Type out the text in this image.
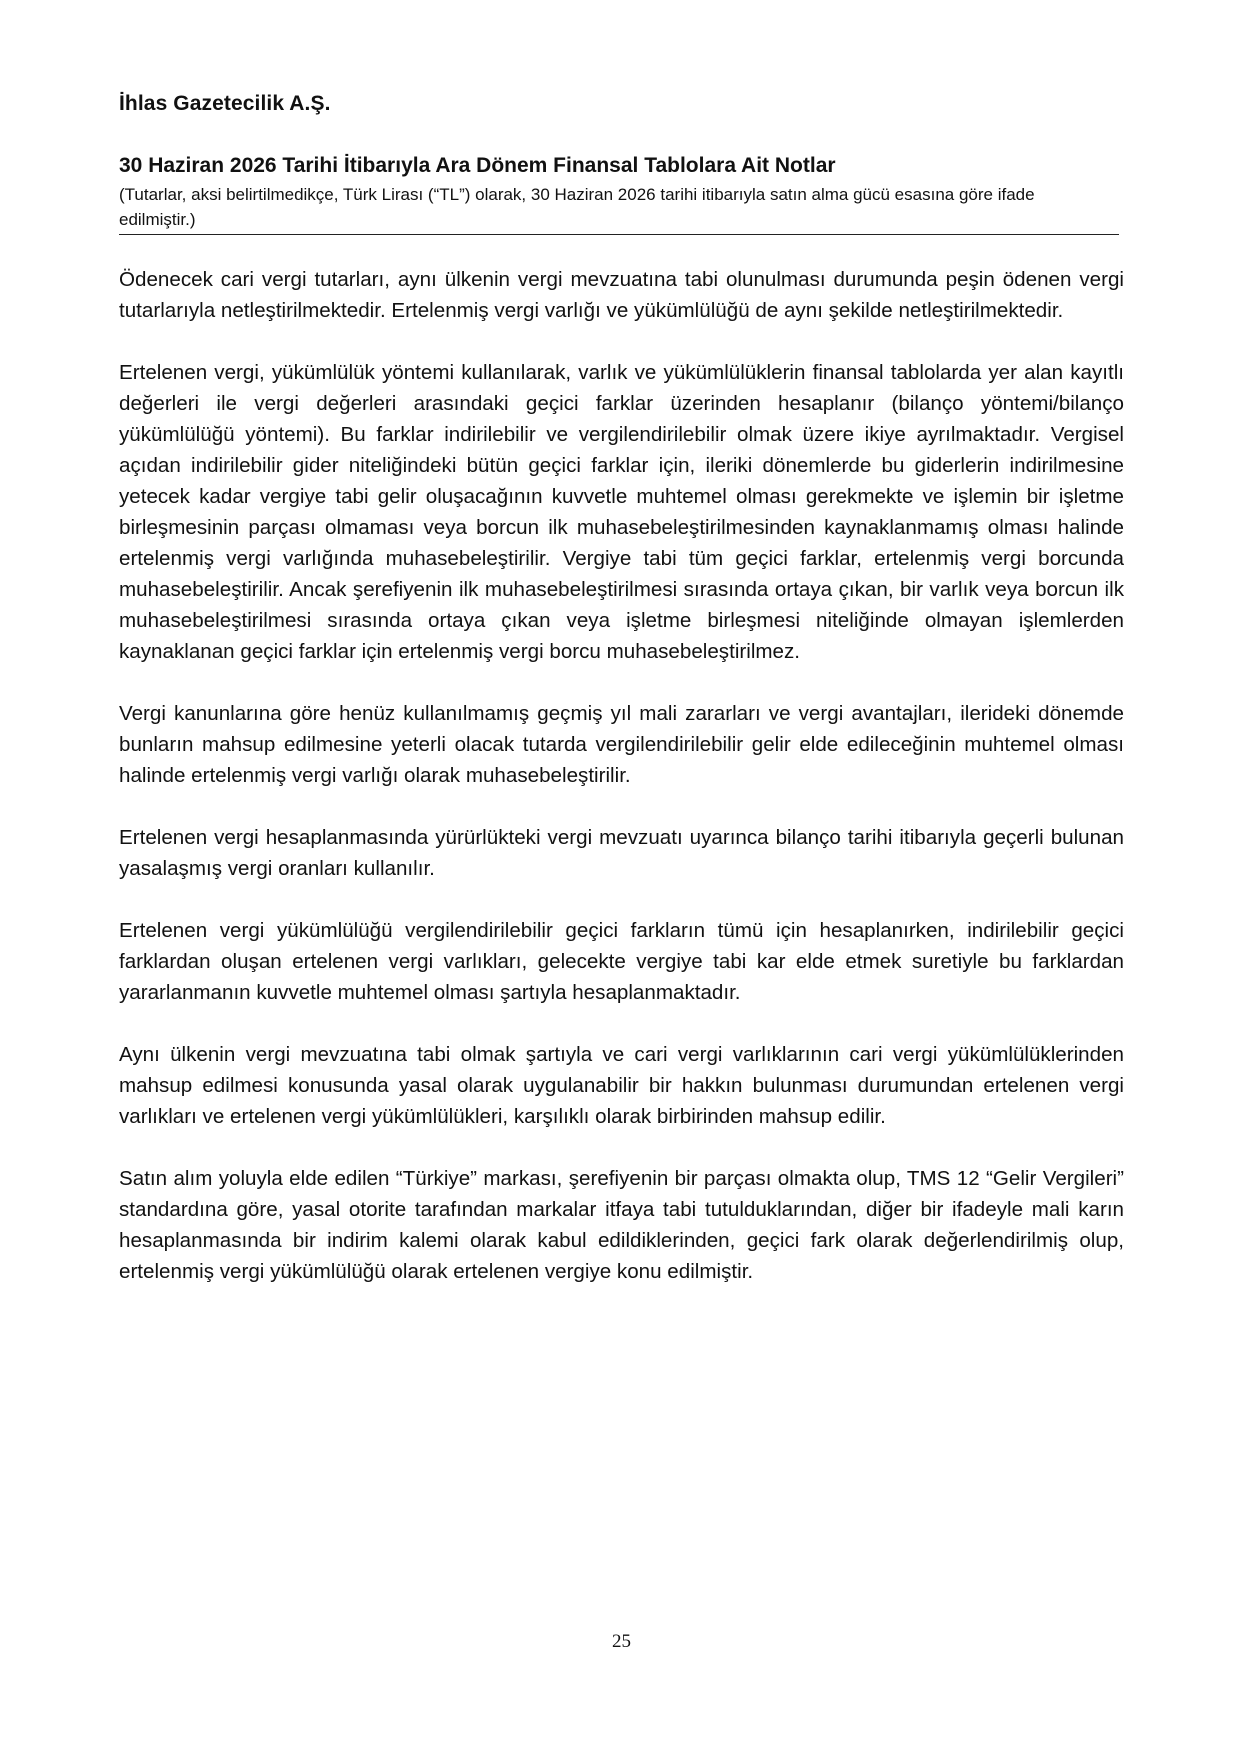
İhlas Gazetecilik A.Ş.
30 Haziran 2026 Tarihi İtibarıyla Ara Dönem Finansal Tablolara Ait Notlar
(Tutarlar, aksi belirtilmedikçe, Türk Lirası (“TL”) olarak, 30 Haziran 2026 tarihi itibarıyla satın alma gücü esasına göre ifade edilmiştir.)

Ödenecek cari vergi tutarları, aynı ülkenin vergi mevzuatına tabi olunulması durumunda peşin ödenen vergi tutarlarıyla netleştirilmektedir. Ertelenmiş vergi varlığı ve yükümlülüğü de aynı şekilde netleştirilmektedir.

Ertelenen vergi, yükümlülük yöntemi kullanılarak, varlık ve yükümlülüklerin finansal tablolarda yer alan kayıtlı değerleri ile vergi değerleri arasındaki geçici farklar üzerinden hesaplanır (bilanço yöntemi/bilanço yükümlülüğü yöntemi). Bu farklar indirilebilir ve vergilendirilebilir olmak üzere ikiye ayrılmaktadır. Vergisel açıdan indirilebilir gider niteliğindeki bütün geçici farklar için, ileriki dönemlerde bu giderlerin indirilmesine yetecek kadar vergiye tabi gelir oluşacağının kuvvetle muhtemel olması gerekmekte ve işlemin bir işletme birleşmesinin parçası olmaması veya borcun ilk muhasebeleştirilmesinden kaynaklanmamış olması halinde ertelenmiş vergi varlığında muhasebeleştirilir. Vergiye tabi tüm geçici farklar, ertelenmiş vergi borcunda muhasebeleştirilir. Ancak şerefiyenin ilk muhasebeleştirilmesi sırasında ortaya çıkan, bir varlık veya borcun ilk muhasebeleştirilmesi sırasında ortaya çıkan veya işletme birleşmesi niteliğinde olmayan işlemlerden kaynaklanan geçici farklar için ertelenmiş vergi borcu muhasebeleştirilmez.

Vergi kanunlarına göre henüz kullanılmamış geçmiş yıl mali zararları ve vergi avantajları, ilerideki dönemde bunların mahsup edilmesine yeterli olacak tutarda vergilendirilebilir gelir elde edileceğinin muhtemel olması halinde ertelenmiş vergi varlığı olarak muhasebeleştirilir.

Ertelenen vergi hesaplanmasında yürürlükteki vergi mevzuatı uyarınca bilanço tarihi itibarıyla geçerli bulunan yasalaşmış vergi oranları kullanılır.

Ertelenen vergi yükümlülüğü vergilendirilebilir geçici farkların tümü için hesaplanırken, indirilebilir geçici farklardan oluşan ertelenen vergi varlıkları, gelecekte vergiye tabi kar elde etmek suretiyle bu farklardan yararlanmanın kuvvetle muhtemel olması şartıyla hesaplanmaktadır.

Aynı ülkenin vergi mevzuatına tabi olmak şartıyla ve cari vergi varlıklarının cari vergi yükümlülüklerinden mahsup edilmesi konusunda yasal olarak uygulanabilir bir hakkın bulunması durumundan ertelenen vergi varlıkları ve ertelenen vergi yükümlülükleri, karşılıklı olarak birbirinden mahsup edilir.

Satın alım yoluyla elde edilen “Türkiye” markası, şerefiyenin bir parçası olmakta olup, TMS 12 “Gelir Vergileri” standardına göre, yasal otorite tarafından markalar itfaya tabi tutulduklarından, diğer bir ifadeyle mali karın hesaplanmasında bir indirim kalemi olarak kabul edildiklerinden, geçici fark olarak değerlendirilmiş olup, ertelenmiş vergi yükümlülüğü olarak ertelenen vergiye konu edilmiştir.

25
